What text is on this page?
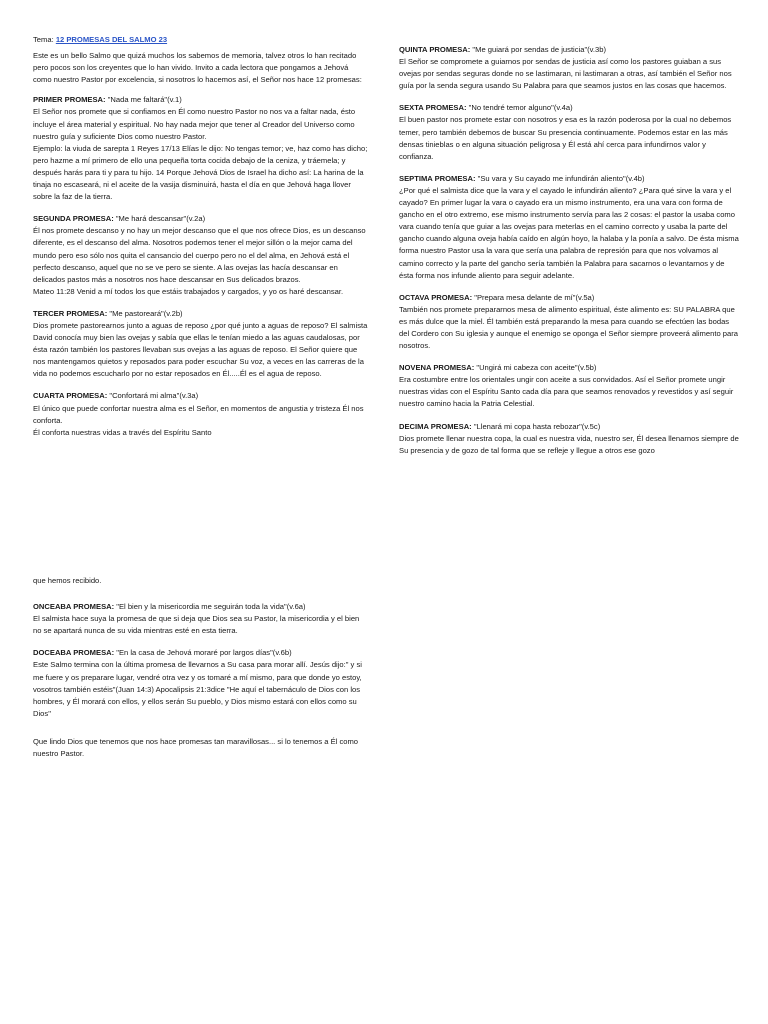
Tema: 12 PROMESAS DEL SALMO 23
Este es un bello Salmo que quizá muchos los sabemos de memoria, talvez otros lo han recitado pero pocos son los creyentes que lo han vivido. Invito a cada lectora que pongamos a Jehová como nuestro Pastor por excelencia, si nosotros lo hacemos así, el Señor nos hace 12 promesas:
PRIMER PROMESA: "Nada me faltará"(v.1)

El Señor nos promete que si confiamos en Él como nuestro Pastor no nos va a faltar nada, ésto incluye el área material y espiritual. No hay nada mejor que tener al Creador del Universo como nuestro guía y suficiente Dios como nuestro Pastor.

Ejemplo: la viuda de sarepta 1 Reyes 17/13 Elías le dijo: No tengas temor; ve, haz como has dicho; pero hazme a mí primero de ello una pequeña torta cocida debajo de la ceniza, y tráemela; y después harás para ti y para tu hijo. 14 Porque Jehová Dios de Israel ha dicho así: La harina de la tinaja no escaseará, ni el aceite de la vasija disminuirá, hasta el día en que Jehová haga llover sobre la faz de la tierra.

SEGUNDA PROMESA: "Me hará descansar"(v.2a)

Él nos promete descanso y no hay un mejor descanso que el que nos ofrece Dios, es un descanso diferente, es el descanso del alma. Nosotros podemos tener el mejor sillón o la mejor cama del mundo pero eso sólo nos quita el cansancio del cuerpo pero no el del alma, en Jehová está el perfecto descanso, aquel que no se ve pero se siente. A las ovejas las hacía descansar en delicados pastos más a nosotros nos hace descansar en Sus delicados brazos.

Mateo 11:28 Venid a mí todos los que estáis trabajados y cargados, y yo os haré descansar.

TERCER PROMESA: "Me pastoreará"(v.2b)

Dios promete pastorearnos junto a aguas de reposo ¿por qué junto a aguas de reposo? El salmista David conocía muy bien las ovejas y sabía que ellas le tenían miedo a las aguas caudalosas, por ésta razón también los pastores llevaban sus ovejas a las aguas de reposo. El Señor quiere que nos mantengamos quietos y reposados para poder escuchar Su voz, a veces en las carreras de la vida no podemos escucharlo por no estar reposados en Él.....Él es el agua de reposo.

CUARTA PROMESA: "Confortará mi alma"(v.3a)

El único que puede confortar nuestra alma es el Señor, en momentos de angustia y tristeza Él nos conforta.

Él conforta nuestras vidas a través del Espíritu Santo

QUINTA PROMESA: "Me guiará por sendas de justicia"(v.3b)

El Señor se compromete a guiarnos por sendas de justicia así como los pastores guiaban a sus ovejas por sendas seguras donde no se lastimaran, ni lastimaran a otras, así también el Señor nos guía por la senda segura usando Su Palabra para que seamos justos en las cosas que hacemos.

SEXTA PROMESA: "No tendré temor alguno"(v.4a)

El buen pastor nos promete estar con nosotros y esa es la razón poderosa por la cual no debemos temer, pero también debemos de buscar Su presencia continuamente. Podemos estar en las más densas tinieblas o en alguna situación peligrosa y Él está ahí cerca para infundirnos valor y confianza.

SEPTIMA PROMESA: "Su vara y Su cayado me infundirán aliento"(v.4b)

¿Por qué el salmista dice que la vara y el cayado le infundirán aliento? ¿Para qué sirve la vara y el cayado? En primer lugar la vara o cayado era un mismo instrumento, era una vara con forma de gancho en el otro extremo, ese mismo instrumento servía para las 2 cosas: el pastor la usaba como vara cuando tenía que guiar a las ovejas para meterlas en el camino correcto y usaba la parte del gancho cuando alguna oveja había caído en algún hoyo, la halaba y la ponía a salvo. De ésta misma forma nuestro Pastor usa la vara que sería una palabra de represión para que nos volvamos al camino correcto y la parte del gancho sería también la Palabra para sacarnos o levantarnos y de ésta forma nos infunde aliento para seguir adelante.

OCTAVA PROMESA: "Prepara mesa delante de mí"(v.5a)

También nos promete prepararnos mesa de alimento espiritual, éste alimento es: SU PALABRA que es más dulce que la miel. Él también está preparando la mesa para cuando se efectúen las bodas del Cordero con Su iglesia y aunque el enemigo se oponga el Señor siempre proveerá alimento para nosotros.

NOVENA PROMESA: "Ungirá mi cabeza con aceite"(v.5b)

Era costumbre entre los orientales ungir con aceite a sus convidados. Así el Señor promete ungir nuestras vidas con el Espíritu Santo cada día para que seamos renovados y revestidos y así seguir nuestro camino hacia la Patria Celestial.

DECIMA PROMESA: "Llenará mi copa hasta rebozar"(v.5c)

Dios promete llenar nuestra copa, la cual es nuestra vida, nuestro ser, Él desea llenarnos siempre de Su presencia y de gozo de tal forma que se refleje y llegue a otros ese gozo

que hemos recibido.
ONCEABA PROMESA: "El bien y la misericordia me seguirán toda la vida"(v.6a)

El salmista hace suya la promesa de que si deja que Dios sea su Pastor, la misericordia y el bien no se apartará nunca de su vida mientras esté en esta tierra.

DOCEABA PROMESA: "En la casa de Jehová moraré por largos días"(v.6b)

Este Salmo termina con la última promesa de llevarnos a Su casa para morar allí. Jesús dijo:" y si me fuere y os preparare lugar, vendré otra vez y os tomaré a mí mismo, para que donde yo estoy, vosotros también estéis"(Juan 14:3) Apocalipsis 21:3dice "He aquí el tabernáculo de Dios con los hombres, y Él morará con ellos, y ellos serán Su pueblo, y Dios mismo estará con ellos como su Dios"

Que lindo Dios que tenemos que nos hace promesas tan maravillosas... si lo tenemos a Él como nuestro Pastor.
